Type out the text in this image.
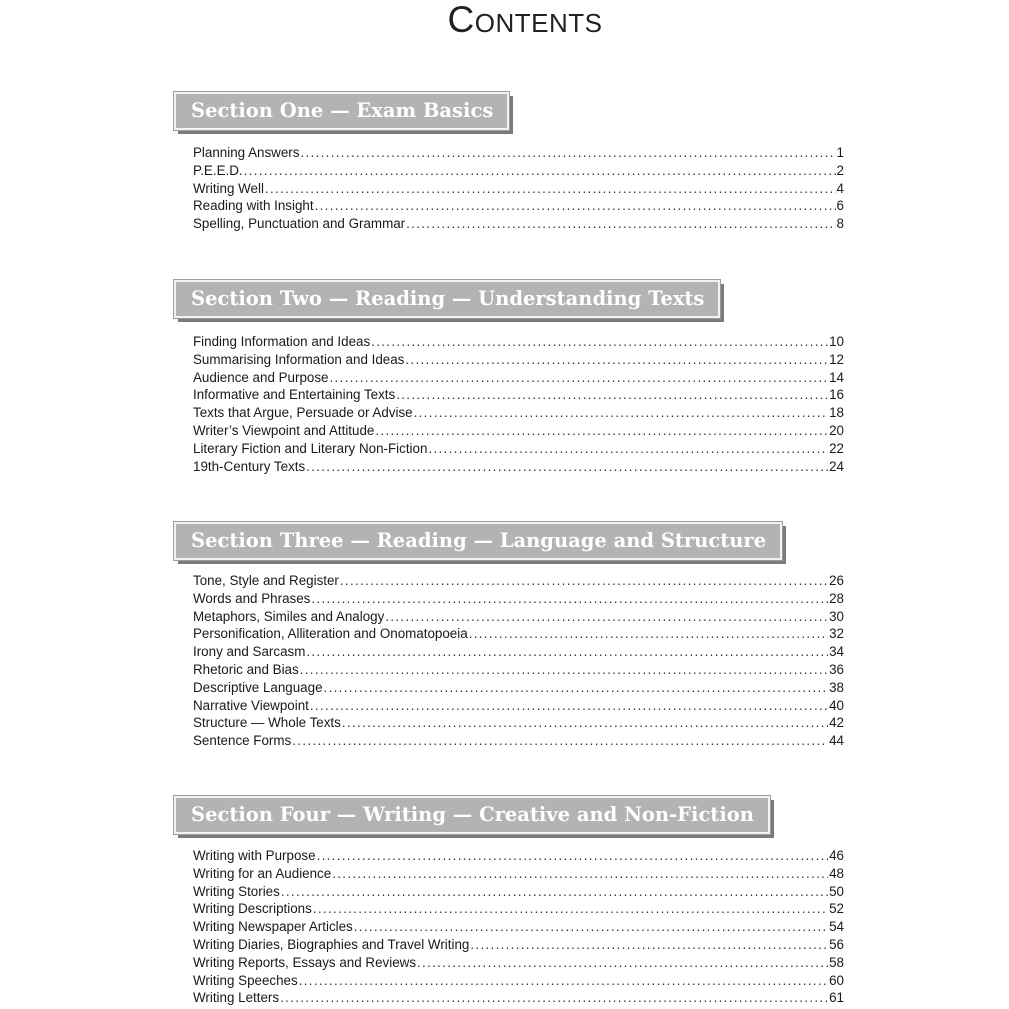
Contents
Section One — Exam Basics
Planning Answers . . .	1
P.E.E.D. . . .	2
Writing Well . . .	4
Reading with Insight . . .	6
Spelling, Punctuation and Grammar . . .	8
Section Two — Reading — Understanding Texts
Finding Information and Ideas . . .	10
Summarising Information and Ideas . . .	12
Audience and Purpose . . .	14
Informative and Entertaining Texts . . .	16
Texts that Argue, Persuade or Advise . . .	18
Writer’s Viewpoint and Attitude . . .	20
Literary Fiction and Literary Non-Fiction . . .	22
19th-Century Texts . . .	24
Section Three — Reading — Language and Structure
Tone, Style and Register . . .	26
Words and Phrases . . .	28
Metaphors, Similes and Analogy . . .	30
Personification, Alliteration and Onomatopoeia . . .	32
Irony and Sarcasm . . .	34
Rhetoric and Bias . . .	36
Descriptive Language . . .	38
Narrative Viewpoint . . .	40
Structure — Whole Texts . . .	42
Sentence Forms . . .	44
Section Four — Writing — Creative and Non-Fiction
Writing with Purpose . . .	46
Writing for an Audience . . .	48
Writing Stories . . .	50
Writing Descriptions . . .	52
Writing Newspaper Articles . . .	54
Writing Diaries, Biographies and Travel Writing . . .	56
Writing Reports, Essays and Reviews . . .	58
Writing Speeches . . .	60
Writing Letters . . .	61
